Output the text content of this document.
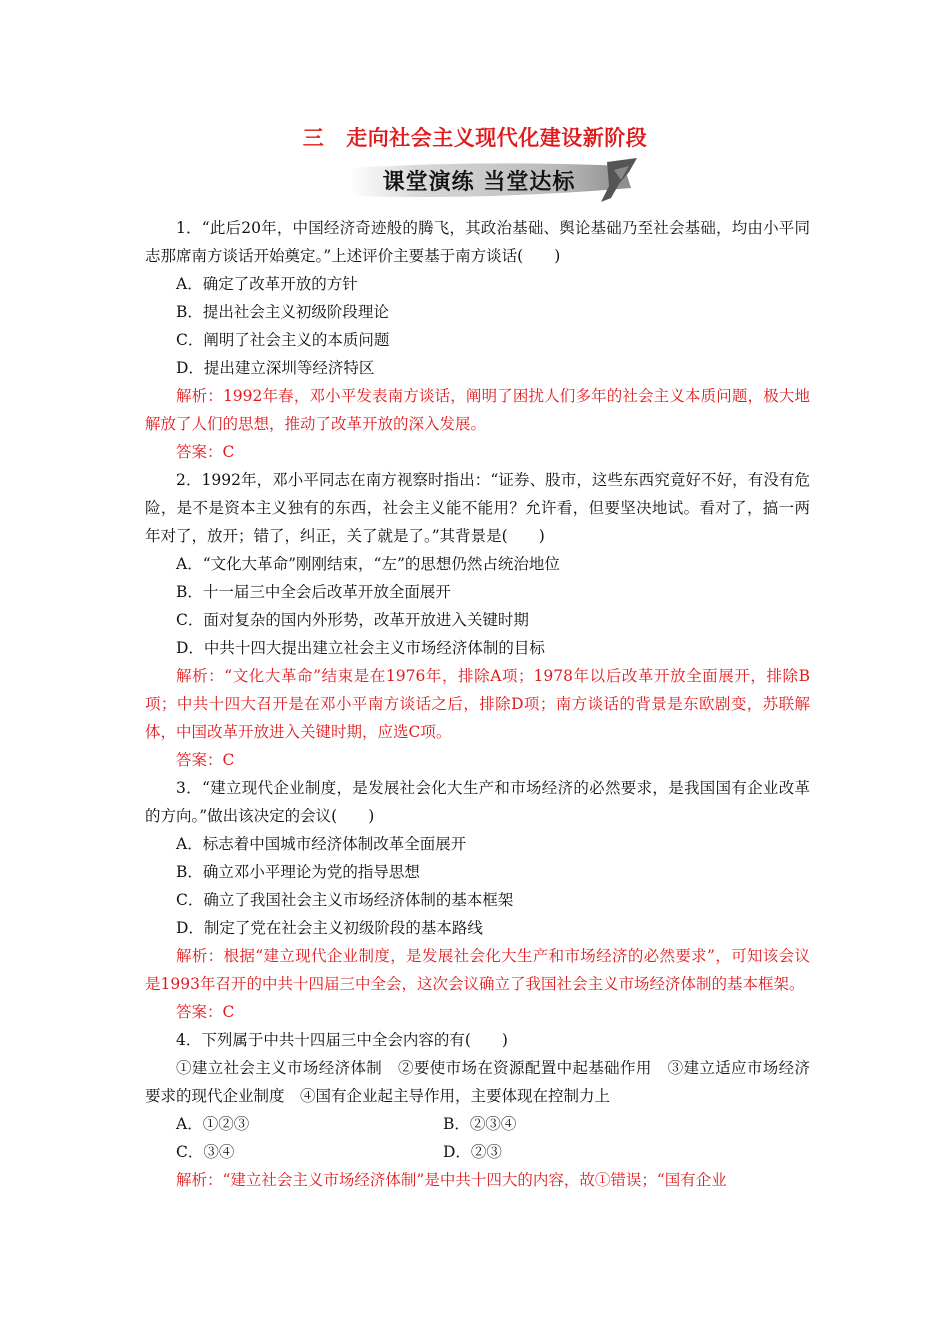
三 走向社会主义现代化建设新阶段
课堂演练 当堂达标

1．“此后20年，中国经济奇迹般的腾飞，其政治基础、舆论基础乃至社会基础，均由小平同志那席南方谈话开始奠定。”上述评价主要基于南方谈话(　　)

A．确定了改革开放的方针

B．提出社会主义初级阶段理论

C．阐明了社会主义的本质问题

D．提出建立深圳等经济特区

解析：1992年春，邓小平发表南方谈话，阐明了困扰人们多年的社会主义本质问题，极大地解放了人们的思想，推动了改革开放的深入发展。

答案：C

2．1992年，邓小平同志在南方视察时指出：“证券、股市，这些东西究竟好不好，有没有危险，是不是资本主义独有的东西，社会主义能不能用？允许看，但要坚决地试。看对了，搞一两年对了，放开；错了，纠正，关了就是了。”其背景是(　　)

A．“文化大革命”刚刚结束，“左”的思想仍然占统治地位

B．十一届三中全会后改革开放全面展开

C．面对复杂的国内外形势，改革开放进入关键时期

D．中共十四大提出建立社会主义市场经济体制的目标

解析：“文化大革命”结束是在1976年，排除A项；1978年以后改革开放全面展开，排除B项；中共十四大召开是在邓小平南方谈话之后，排除D项；南方谈话的背景是东欧剧变，苏联解体，中国改革开放进入关键时期，应选C项。

答案：C

3．“建立现代企业制度，是发展社会化大生产和市场经济的必然要求，是我国国有企业改革的方向。”做出该决定的会议(　　)

A．标志着中国城市经济体制改革全面展开

B．确立邓小平理论为党的指导思想

C．确立了我国社会主义市场经济体制的基本框架

D．制定了党在社会主义初级阶段的基本路线

解析：根据“建立现代企业制度，是发展社会化大生产和市场经济的必然要求”，可知该会议是1993年召开的中共十四届三中全会，这次会议确立了我国社会主义市场经济体制的基本框架。

答案：C

4．下列属于中共十四届三中全会内容的有(　　)

①建立社会主义市场经济体制　②要使市场在资源配置中起基础作用　③建立适应市场经济要求的现代企业制度　④国有企业起主导作用，主要体现在控制力上

A．①②③	B．②③④
C．③④	D．②③

解析：“建立社会主义市场经济体制”是中共十四大的内容，故①错误；“国有企业
